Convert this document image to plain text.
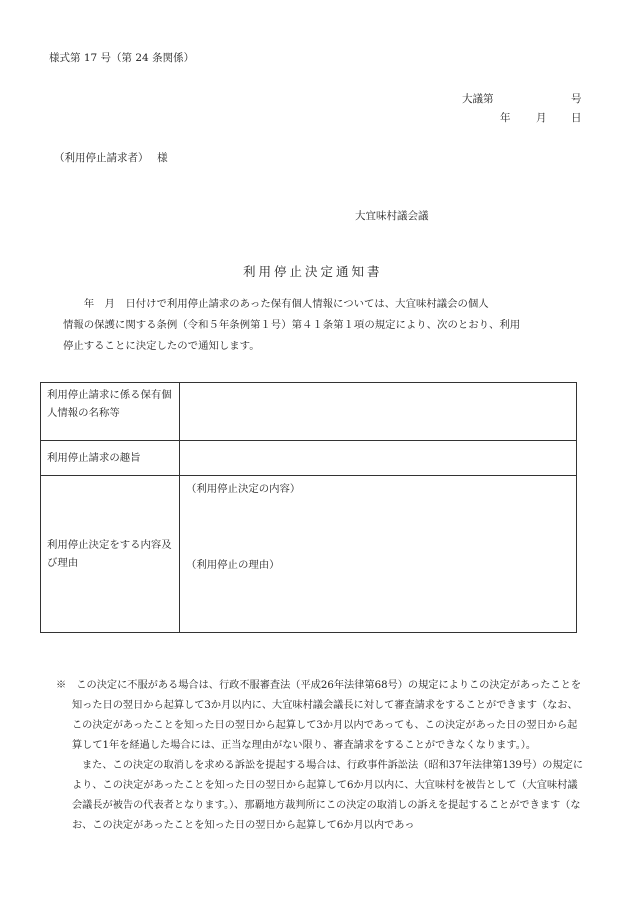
様式第 17 号（第 24 条関係）
大議第	号
年 月 日
（利用停止請求者）　 様
大宜味村議会議
利用停止決定通知書

　　年　月　日付けで利用停止請求のあった保有個人情報については、大宜味村議会の個人

情報の保護に関する条例（令和５年条例第１号）第４１条第１項の規定により、次のとおり、利用

停止することに決定したので通知します。

利用停止請求に係る保有個人情報の名称等	
利用停止請求の趣旨	
利用停止決定をする内容及び理由	（利用停止決定の内容）
（利用停止の理由）

※　 この決定に不服がある場合は、行政不服審査法（平成26年法律第68号）の規定によりこの決定があったことを知った日の翌日から起算して3か月以内に、大宜味村議会議長に対して審査請求をすることができます（なお、この決定があったことを知った日の翌日から起算して3か月以内であっても、この決定があった日の翌日から起算して1年を経過した場合には、正当な理由がない限り、審査請求をすることができなくなります。）。

また、この決定の取消しを求める訴訟を提起する場合は、行政事件訴訟法（昭和37年法律第139号）の規定により、この決定があったことを知った日の翌日から起算して6か月以内に、大宜味村を被告として（大宜味村議会議長が被告の代表者となります。）、那覇地方裁判所にこの決定の取消しの訴えを提起することができます（なお、この決定があったことを知った日の翌日から起算して6か月以内であっ
